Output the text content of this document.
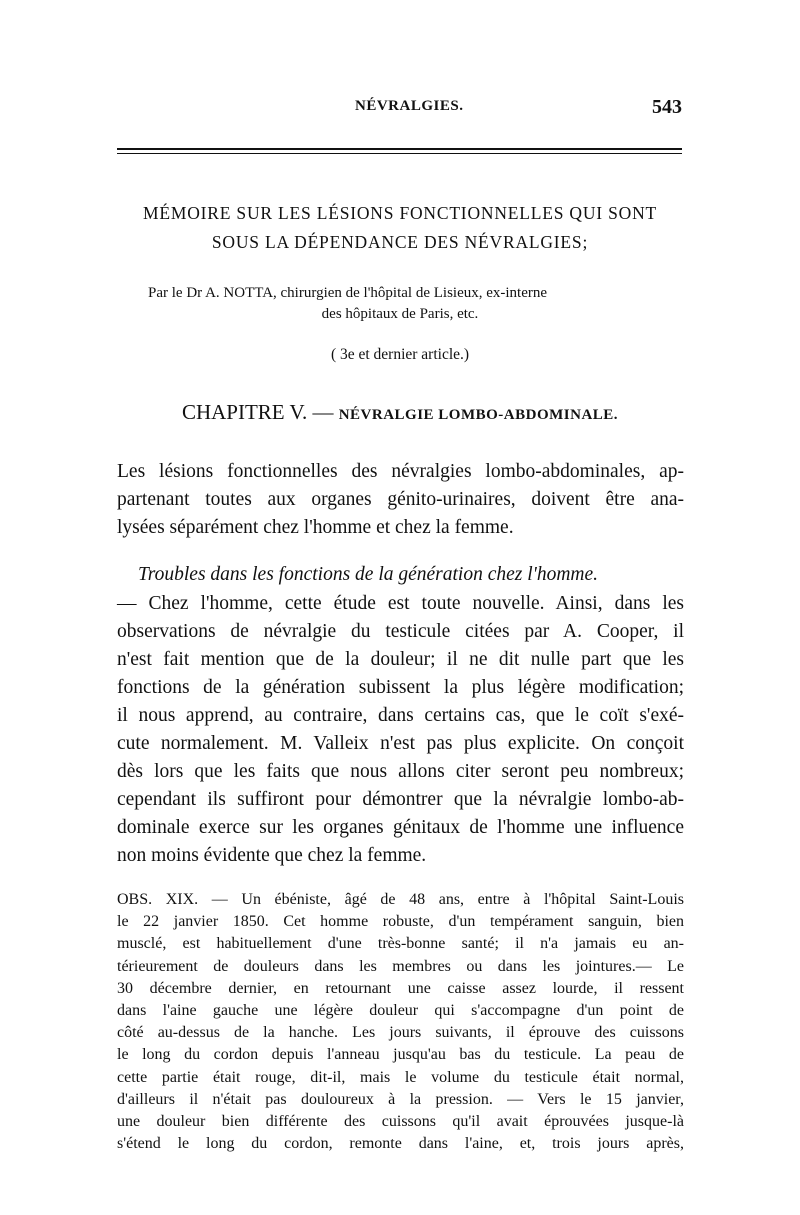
NÉVRALGIES.	543
MÉMOIRE SUR LES LÉSIONS FONCTIONNELLES QUI SONT
SOUS LA DÉPENDANCE DES NÉVRALGIES;
Par le Dr A. NOTTA, chirurgien de l'hôpital de Lisieux, ex-interne
des hôpitaux de Paris, etc.
( 3e et dernier article.)
CHAPITRE V. — NÉVRALGIE LOMBO-ABDOMINALE.
Les lésions fonctionnelles des névralgies lombo-abdominales, ap-
partenant toutes aux organes génito-urinaires, doivent être ana-
lysées séparément chez l'homme et chez la femme.
Troubles dans les fonctions de la génération chez l'homme.
— Chez l'homme, cette étude est toute nouvelle. Ainsi, dans les
observations de névralgie du testicule citées par A. Cooper, il
n'est fait mention que de la douleur; il ne dit nulle part que les
fonctions de la génération subissent la plus légère modification;
il nous apprend, au contraire, dans certains cas, que le coït s'exé-
cute normalement. M. Valleix n'est pas plus explicite. On conçoit
dès lors que les faits que nous allons citer seront peu nombreux;
cependant ils suffiront pour démontrer que la névralgie lombo-ab-
dominale exerce sur les organes génitaux de l'homme une influence
non moins évidente que chez la femme.
OBS. XIX. — Un ébéniste, âgé de 48 ans, entre à l'hôpital Saint-Louis
le 22 janvier 1850. Cet homme robuste, d'un tempérament sanguin, bien
musclé, est habituellement d'une très-bonne santé; il n'a jamais eu an-
térieurement de douleurs dans les membres ou dans les jointures.— Le
30 décembre dernier, en retournant une caisse assez lourde, il ressent
dans l'aine gauche une légère douleur qui s'accompagne d'un point de
côté au-dessus de la hanche. Les jours suivants, il éprouve des cuissons
le long du cordon depuis l'anneau jusqu'au bas du testicule. La peau de
cette partie était rouge, dit-il, mais le volume du testicule était normal,
d'ailleurs il n'était pas douloureux à la pression. — Vers le 15 janvier,
une douleur bien différente des cuissons qu'il avait éprouvées jusque-là
s'étend le long du cordon, remonte dans l'aine, et, trois jours après,
